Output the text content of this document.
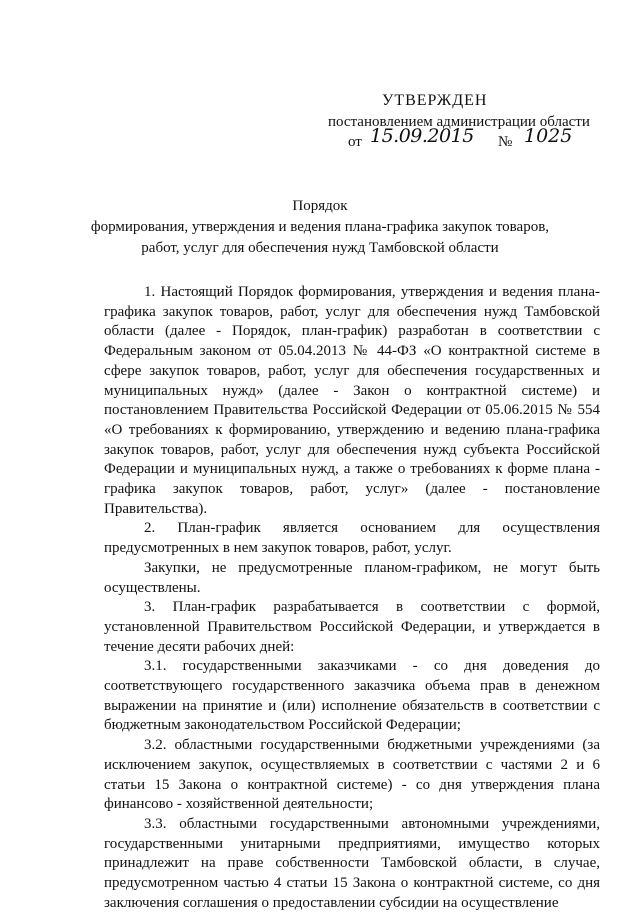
УТВЕРЖДЕН
постановлением администрации области
от 15.09.2015 № 1025
Порядок
формирования, утверждения и ведения плана-графика закупок товаров, работ, услуг для обеспечения нужд Тамбовской области

1. Настоящий Порядок формирования, утверждения и ведения плана-графика закупок товаров, работ, услуг для обеспечения нужд Тамбовской области (далее - Порядок, план-график) разработан в соответствии с Федеральным законом от 05.04.2013 № 44-ФЗ «О контрактной системе в сфере закупок товаров, работ, услуг для обеспечения государственных и муниципальных нужд» (далее - Закон о контрактной системе) и постановлением Правительства Российской Федерации от 05.06.2015 № 554 «О требованиях к формированию, утверждению и ведению плана-графика закупок товаров, работ, услуг для обеспечения нужд субъекта Российской Федерации и муниципальных нужд, а также о требованиях к форме плана - графика закупок товаров, работ, услуг» (далее - постановление Правительства).

2. План-график является основанием для осуществления предусмотренных в нем закупок товаров, работ, услуг.

Закупки, не предусмотренные планом-графиком, не могут быть осуществлены.

3. План-график разрабатывается в соответствии с формой, установленной Правительством Российской Федерации, и утверждается в течение десяти рабочих дней:

3.1. государственными заказчиками - со дня доведения до соответствующего государственного заказчика объема прав в денежном выражении на принятие и (или) исполнение обязательств в соответствии с бюджетным законодательством Российской Федерации;

3.2. областными государственными бюджетными учреждениями (за исключением закупок, осуществляемых в соответствии с частями 2 и 6 статьи 15 Закона о контрактной системе) - со дня утверждения плана финансово - хозяйственной деятельности;

3.3. областными государственными автономными учреждениями, государственными унитарными предприятиями, имущество которых принадлежит на праве собственности Тамбовской области, в случае, предусмотренном частью 4 статьи 15 Закона о контрактной системе, со дня заключения соглашения о предоставлении субсидии на осуществление
